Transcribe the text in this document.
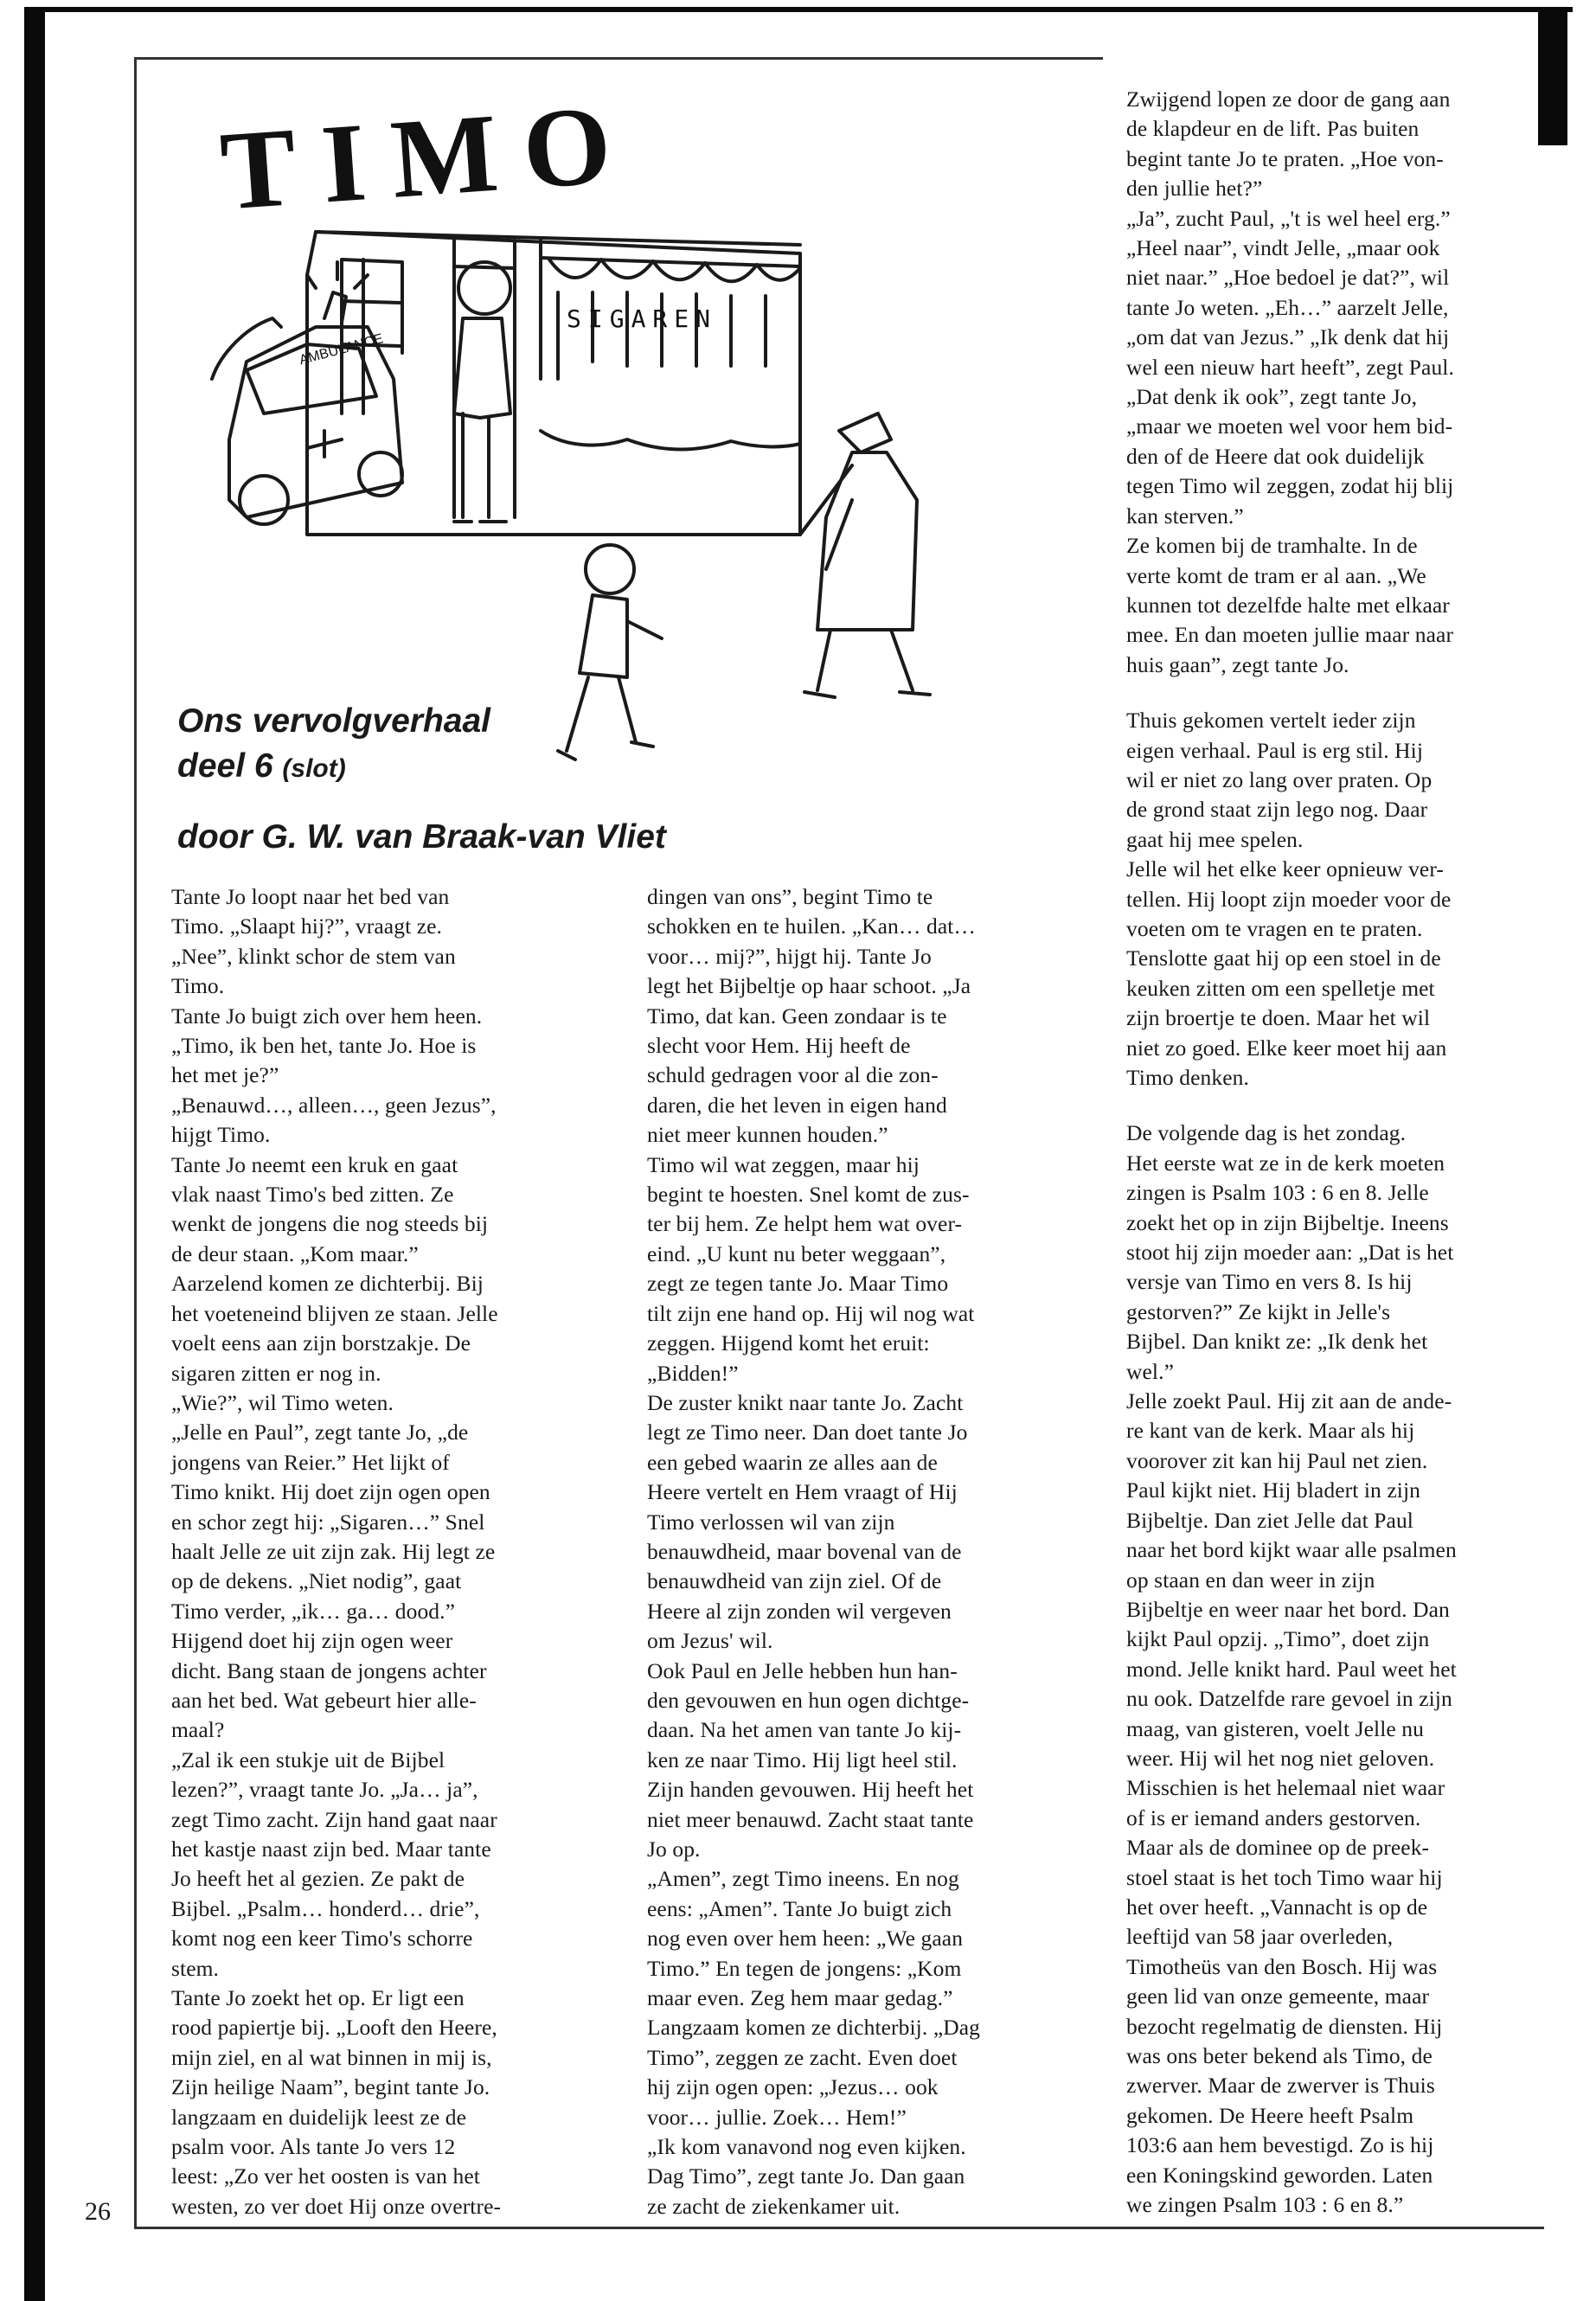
TIMO
SIGAREN
AMBULANCE
Ons vervolgverhaal
deel 6 (slot)
door G. W. van Braak-van Vliet

Tante Jo loopt naar het bed van

Timo. „Slaapt hij?”, vraagt ze.

„Nee”, klinkt schor de stem van

Timo.

Tante Jo buigt zich over hem heen.

„Timo, ik ben het, tante Jo. Hoe is

het met je?”

„Benauwd…, alleen…, geen Jezus”,

hijgt Timo.

Tante Jo neemt een kruk en gaat

vlak naast Timo's bed zitten. Ze

wenkt de jongens die nog steeds bij

de deur staan. „Kom maar.”

Aarzelend komen ze dichterbij. Bij

het voeteneind blijven ze staan. Jelle

voelt eens aan zijn borstzakje. De

sigaren zitten er nog in.

„Wie?”, wil Timo weten.

„Jelle en Paul”, zegt tante Jo, „de

jongens van Reier.” Het lijkt of

Timo knikt. Hij doet zijn ogen open

en schor zegt hij: „Sigaren…” Snel

haalt Jelle ze uit zijn zak. Hij legt ze

op de dekens. „Niet nodig”, gaat

Timo verder, „ik… ga… dood.”

Hijgend doet hij zijn ogen weer

dicht. Bang staan de jongens achter

aan het bed. Wat gebeurt hier alle-

maal?

„Zal ik een stukje uit de Bijbel

lezen?”, vraagt tante Jo. „Ja… ja”,

zegt Timo zacht. Zijn hand gaat naar

het kastje naast zijn bed. Maar tante

Jo heeft het al gezien. Ze pakt de

Bijbel. „Psalm… honderd… drie”,

komt nog een keer Timo's schorre

stem.

Tante Jo zoekt het op. Er ligt een

rood papiertje bij. „Looft den Heere,

mijn ziel, en al wat binnen in mij is,

Zijn heilige Naam”, begint tante Jo.

langzaam en duidelijk leest ze de

psalm voor. Als tante Jo vers 12

leest: „Zo ver het oosten is van het

westen, zo ver doet Hij onze overtre-

dingen van ons”, begint Timo te

schokken en te huilen. „Kan… dat…

voor… mij?”, hijgt hij. Tante Jo

legt het Bijbeltje op haar schoot. „Ja

Timo, dat kan. Geen zondaar is te

slecht voor Hem. Hij heeft de

schuld gedragen voor al die zon-

daren, die het leven in eigen hand

niet meer kunnen houden.”

Timo wil wat zeggen, maar hij

begint te hoesten. Snel komt de zus-

ter bij hem. Ze helpt hem wat over-

eind. „U kunt nu beter weggaan”,

zegt ze tegen tante Jo. Maar Timo

tilt zijn ene hand op. Hij wil nog wat

zeggen. Hijgend komt het eruit:

„Bidden!”

De zuster knikt naar tante Jo. Zacht

legt ze Timo neer. Dan doet tante Jo

een gebed waarin ze alles aan de

Heere vertelt en Hem vraagt of Hij

Timo verlossen wil van zijn

benauwdheid, maar bovenal van de

benauwdheid van zijn ziel. Of de

Heere al zijn zonden wil vergeven

om Jezus' wil.

Ook Paul en Jelle hebben hun han-

den gevouwen en hun ogen dichtge-

daan. Na het amen van tante Jo kij-

ken ze naar Timo. Hij ligt heel stil.

Zijn handen gevouwen. Hij heeft het

niet meer benauwd. Zacht staat tante

Jo op.

„Amen”, zegt Timo ineens. En nog

eens: „Amen”. Tante Jo buigt zich

nog even over hem heen: „We gaan

Timo.” En tegen de jongens: „Kom

maar even. Zeg hem maar gedag.”

Langzaam komen ze dichterbij. „Dag

Timo”, zeggen ze zacht. Even doet

hij zijn ogen open: „Jezus… ook

voor… jullie. Zoek… Hem!”

„Ik kom vanavond nog even kijken.

Dag Timo”, zegt tante Jo. Dan gaan

ze zacht de ziekenkamer uit.

Zwijgend lopen ze door de gang aan

de klapdeur en de lift. Pas buiten

begint tante Jo te praten. „Hoe von-

den jullie het?”

„Ja”, zucht Paul, „'t is wel heel erg.”

„Heel naar”, vindt Jelle, „maar ook

niet naar.” „Hoe bedoel je dat?”, wil

tante Jo weten. „Eh…” aarzelt Jelle,

„om dat van Jezus.” „Ik denk dat hij

wel een nieuw hart heeft”, zegt Paul.

„Dat denk ik ook”, zegt tante Jo,

„maar we moeten wel voor hem bid-

den of de Heere dat ook duidelijk

tegen Timo wil zeggen, zodat hij blij

kan sterven.”

Ze komen bij de tramhalte. In de

verte komt de tram er al aan. „We

kunnen tot dezelfde halte met elkaar

mee. En dan moeten jullie maar naar

huis gaan”, zegt tante Jo.

Thuis gekomen vertelt ieder zijn

eigen verhaal. Paul is erg stil. Hij

wil er niet zo lang over praten. Op

de grond staat zijn lego nog. Daar

gaat hij mee spelen.

Jelle wil het elke keer opnieuw ver-

tellen. Hij loopt zijn moeder voor de

voeten om te vragen en te praten.

Tenslotte gaat hij op een stoel in de

keuken zitten om een spelletje met

zijn broertje te doen. Maar het wil

niet zo goed. Elke keer moet hij aan

Timo denken.

De volgende dag is het zondag.

Het eerste wat ze in de kerk moeten

zingen is Psalm 103 : 6 en 8. Jelle

zoekt het op in zijn Bijbeltje. Ineens

stoot hij zijn moeder aan: „Dat is het

versje van Timo en vers 8. Is hij

gestorven?” Ze kijkt in Jelle's

Bijbel. Dan knikt ze: „Ik denk het

wel.”

Jelle zoekt Paul. Hij zit aan de ande-

re kant van de kerk. Maar als hij

voorover zit kan hij Paul net zien.

Paul kijkt niet. Hij bladert in zijn

Bijbeltje. Dan ziet Jelle dat Paul

naar het bord kijkt waar alle psalmen

op staan en dan weer in zijn

Bijbeltje en weer naar het bord. Dan

kijkt Paul opzij. „Timo”, doet zijn

mond. Jelle knikt hard. Paul weet het

nu ook. Datzelfde rare gevoel in zijn

maag, van gisteren, voelt Jelle nu

weer. Hij wil het nog niet geloven.

Misschien is het helemaal niet waar

of is er iemand anders gestorven.

Maar als de dominee op de preek-

stoel staat is het toch Timo waar hij

het over heeft. „Vannacht is op de

leeftijd van 58 jaar overleden,

Timotheüs van den Bosch. Hij was

geen lid van onze gemeente, maar

bezocht regelmatig de diensten. Hij

was ons beter bekend als Timo, de

zwerver. Maar de zwerver is Thuis

gekomen. De Heere heeft Psalm

103:6 aan hem bevestigd. Zo is hij

een Koningskind geworden. Laten

we zingen Psalm 103 : 6 en 8.”

26
